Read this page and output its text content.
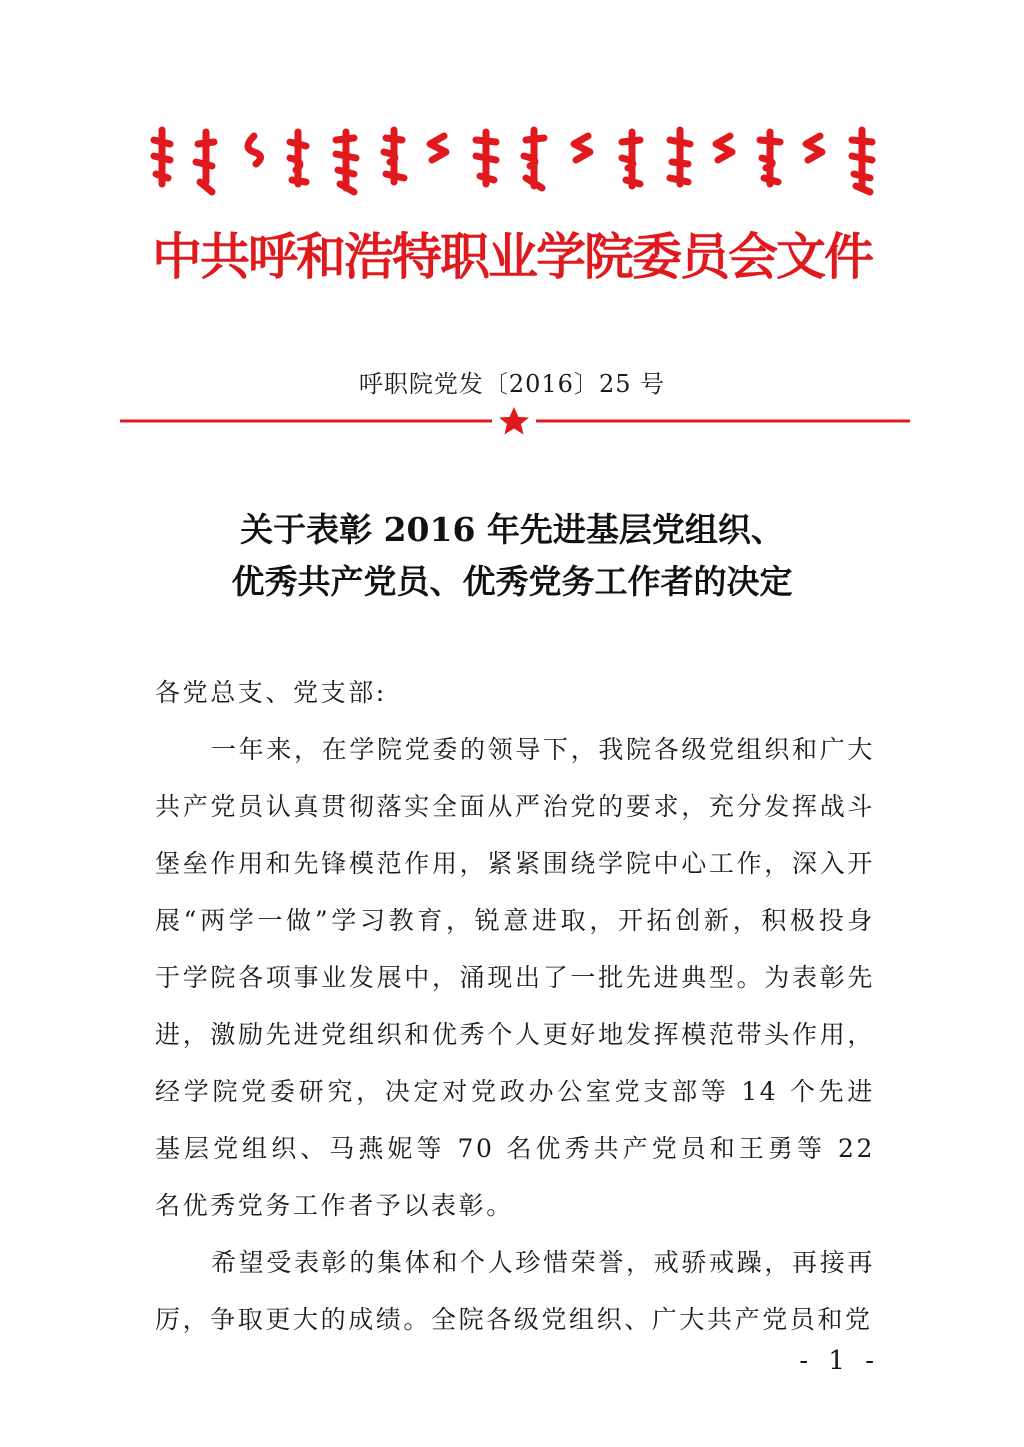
中共呼和浩特职业学院委员会文件
呼职院党发〔2016〕25 号
关于表彰 2016 年先进基层党组织、
优秀共产党员、优秀党务工作者的决定

各党总支、党支部:

一年来，在学院党委的领导下，我院各级党组织和广大共产党员认真贯彻落实全面从严治党的要求，充分发挥战斗堡垒作用和先锋模范作用，紧紧围绕学院中心工作，深入开展“两学一做”学习教育，锐意进取，开拓创新，积极投身于学院各项事业发展中，涌现出了一批先进典型。为表彰先进，激励先进党组织和优秀个人更好地发挥模范带头作用，经学院党委研究，决定对党政办公室党支部等 14 个先进基层党组织、马燕妮等 70 名优秀共产党员和王勇等 22 名优秀党务工作者予以表彰。

希望受表彰的集体和个人珍惜荣誉，戒骄戒躁，再接再厉，争取更大的成绩。全院各级党组织、广大共产党员和党

- 1 -
